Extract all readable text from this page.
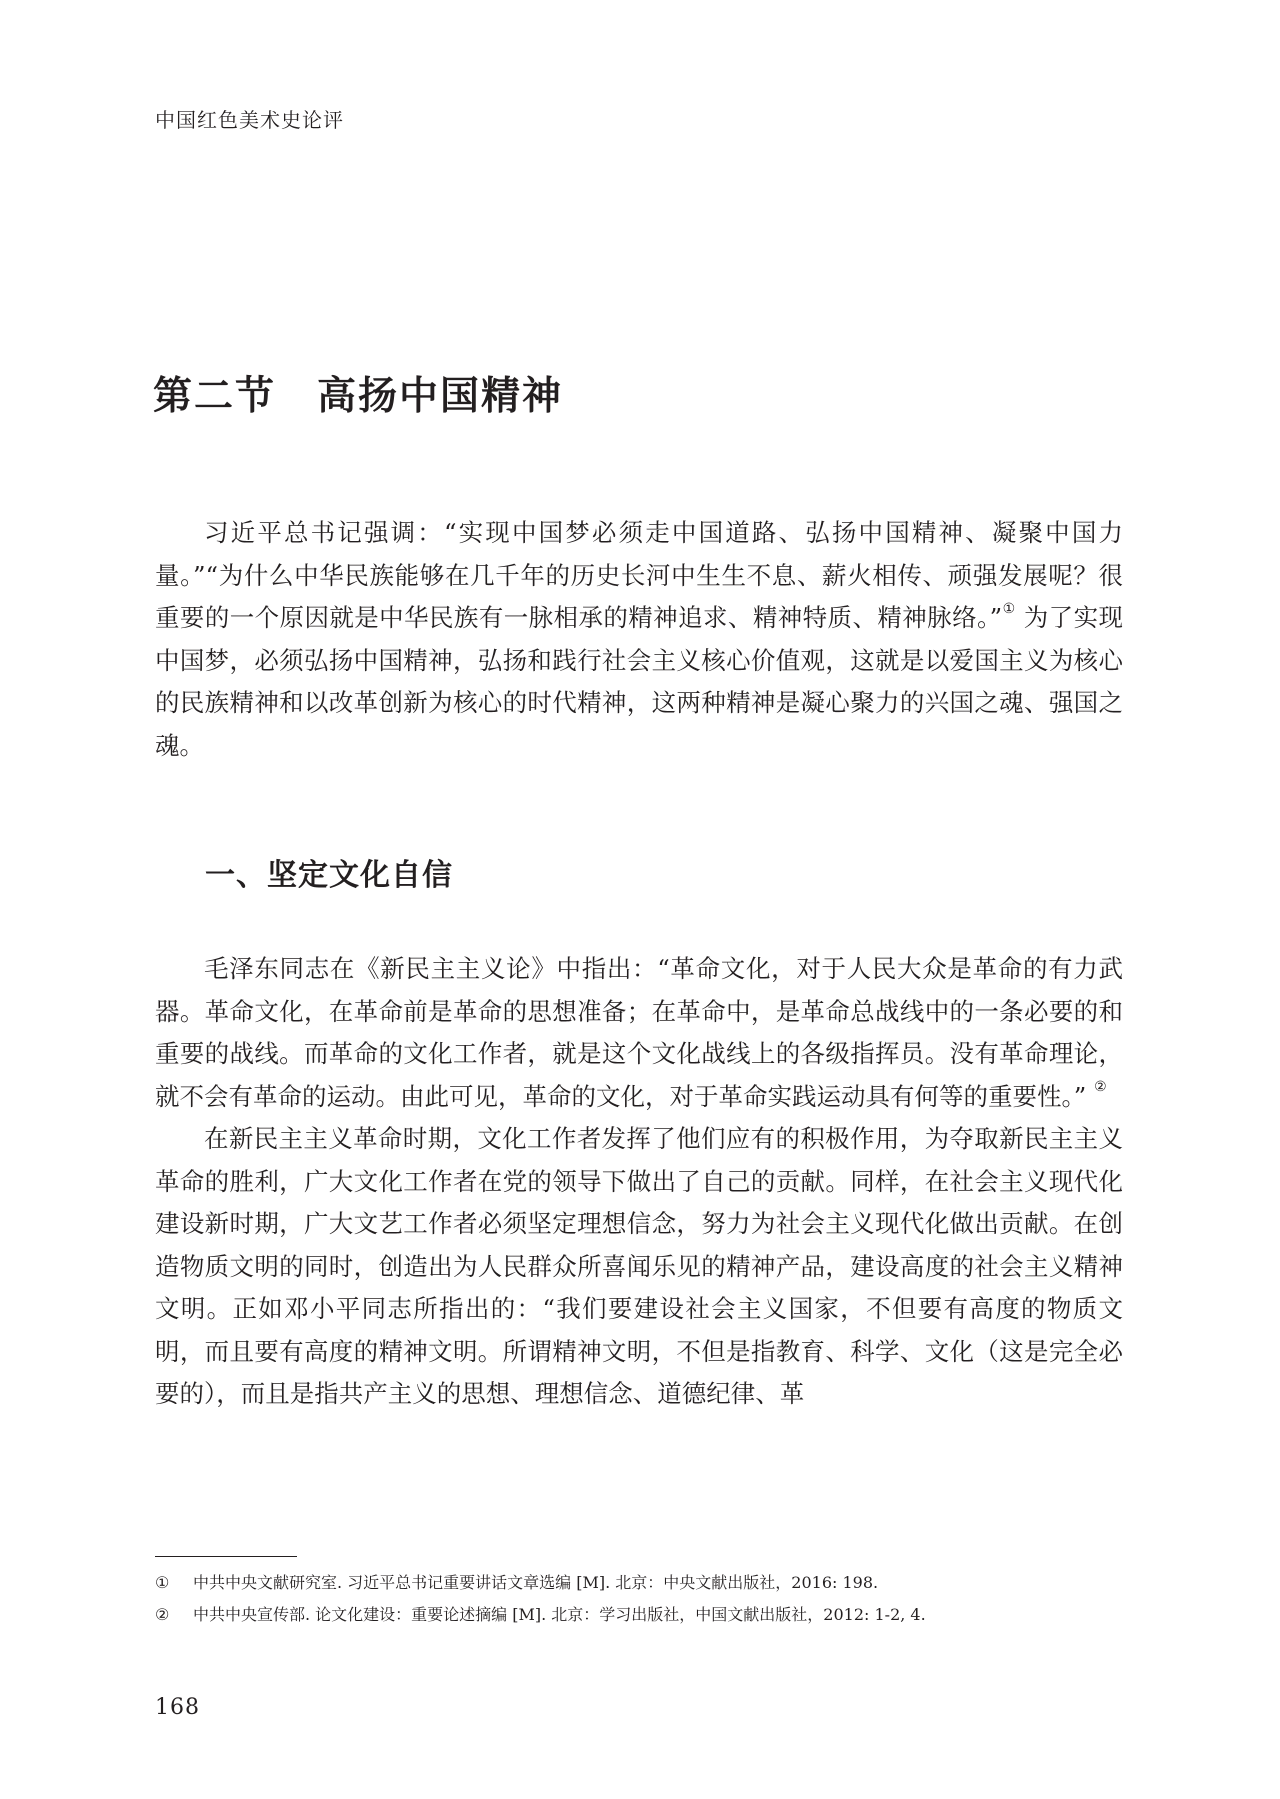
中国红色美术史论评
第二节　高扬中国精神

习近平总书记强调：“实现中国梦必须走中国道路、弘扬中国精神、凝聚中国力量。”“为什么中华民族能够在几千年的历史长河中生生不息、薪火相传、顽强发展呢？很重要的一个原因就是中华民族有一脉相承的精神追求、精神特质、精神脉络。”① 为了实现中国梦，必须弘扬中国精神，弘扬和践行社会主义核心价值观，这就是以爱国主义为核心的民族精神和以改革创新为核心的时代精神，这两种精神是凝心聚力的兴国之魂、强国之魂。

一、坚定文化自信

毛泽东同志在《新民主主义论》中指出：“革命文化，对于人民大众是革命的有力武器。革命文化，在革命前是革命的思想准备；在革命中，是革命总战线中的一条必要的和重要的战线。而革命的文化工作者，就是这个文化战线上的各级指挥员。没有革命理论，就不会有革命的运动。由此可见，革命的文化，对于革命实践运动具有何等的重要性。” ②

在新民主主义革命时期，文化工作者发挥了他们应有的积极作用，为夺取新民主主义革命的胜利，广大文化工作者在党的领导下做出了自己的贡献。同样，在社会主义现代化建设新时期，广大文艺工作者必须坚定理想信念，努力为社会主义现代化做出贡献。在创造物质文明的同时，创造出为人民群众所喜闻乐见的精神产品，建设高度的社会主义精神文明。正如邓小平同志所指出的：“我们要建设社会主义国家，不但要有高度的物质文明，而且要有高度的精神文明。所谓精神文明，不但是指教育、科学、文化（这是完全必要的），而且是指共产主义的思想、理想信念、道德纪律、革

①	中共中央文献研究室. 习近平总书记重要讲话文章选编 [M]. 北京：中央文献出版社，2016: 198.
②	中共中央宣传部. 论文化建设：重要论述摘编 [M]. 北京：学习出版社，中国文献出版社，2012: 1-2, 4.
168
